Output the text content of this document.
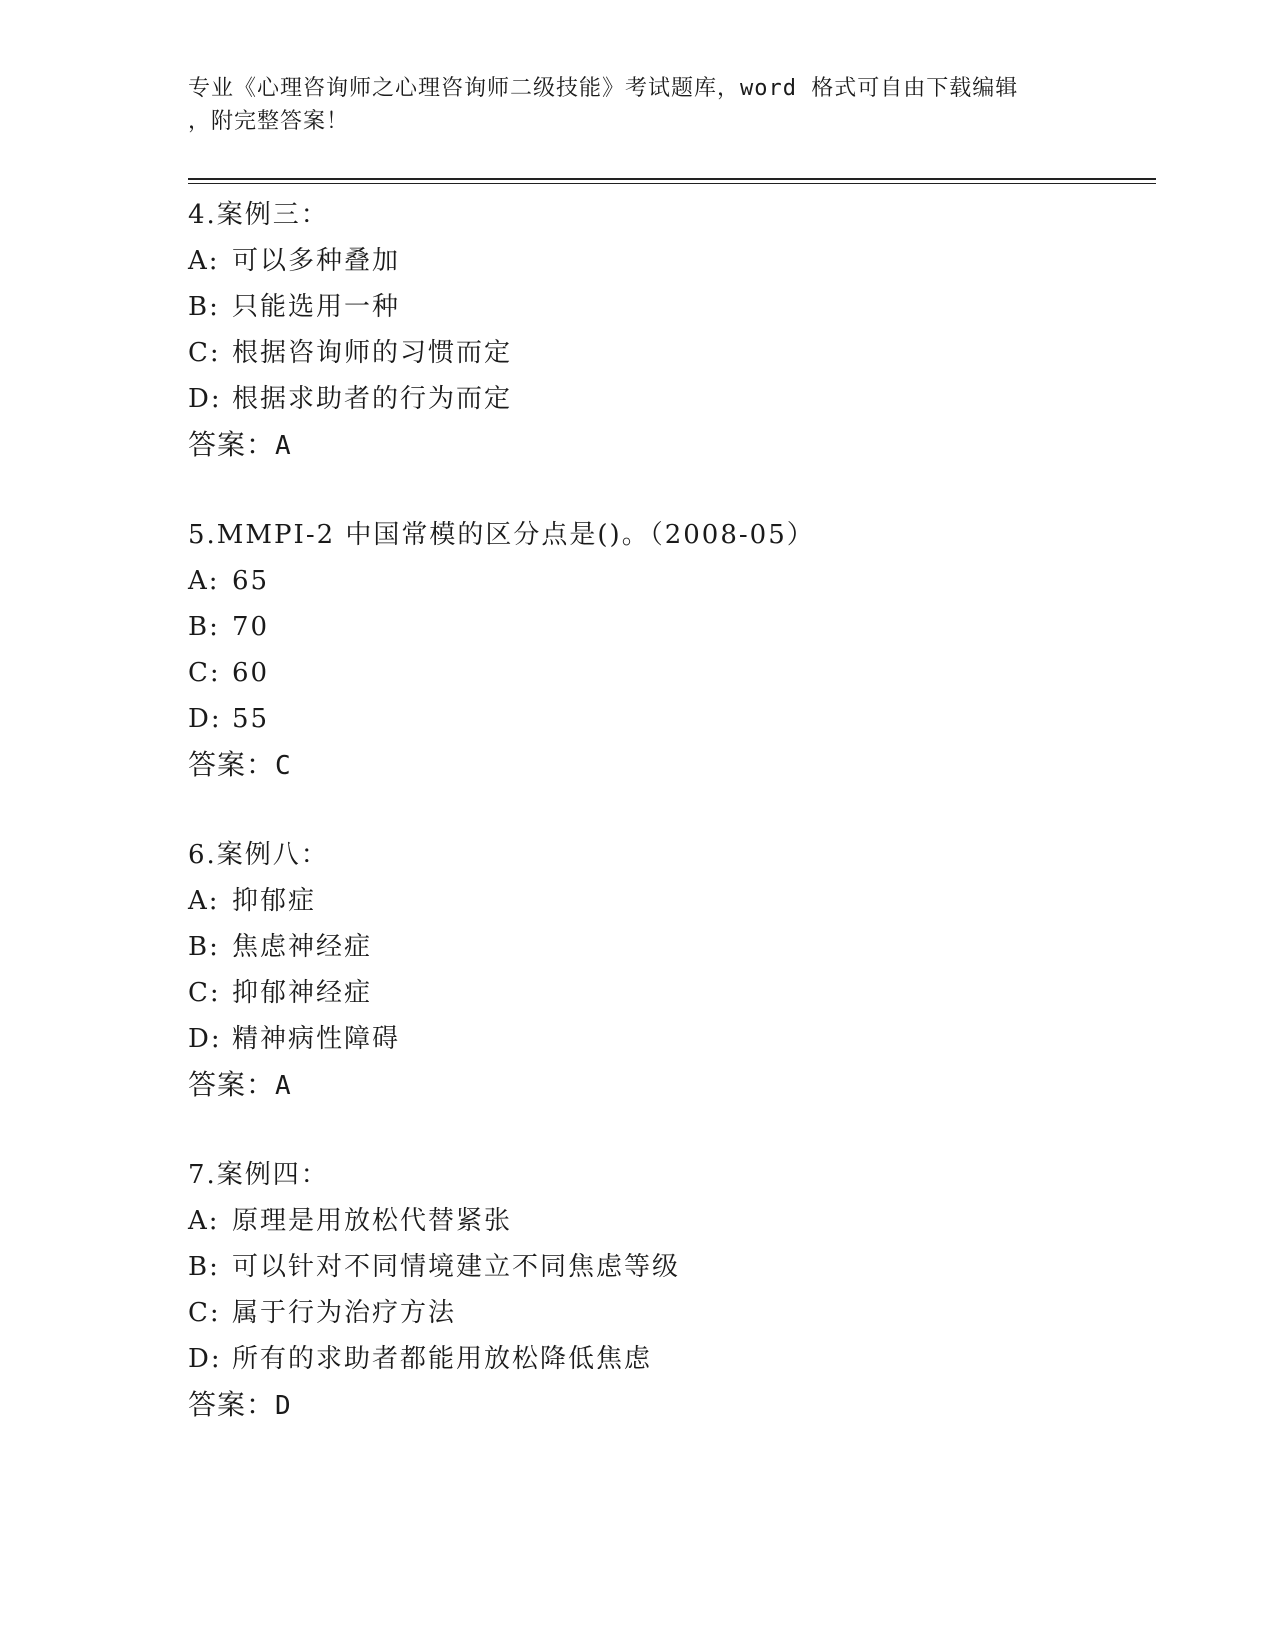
专业《心理咨询师之心理咨询师二级技能》考试题库，word 格式可自由下载编辑
，附完整答案！
4.案例三：
A: 可以多种叠加
B: 只能选用一种
C: 根据咨询师的习惯而定
D: 根据求助者的行为而定
答案：A
5.MMPI-2 中国常模的区分点是()。（2008-05）
A: 65
B: 70
C: 60
D: 55
答案：C
6.案例八：
A: 抑郁症
B: 焦虑神经症
C: 抑郁神经症
D: 精神病性障碍
答案：A
7.案例四：
A: 原理是用放松代替紧张
B: 可以针对不同情境建立不同焦虑等级
C: 属于行为治疗方法
D: 所有的求助者都能用放松降低焦虑
答案：D
